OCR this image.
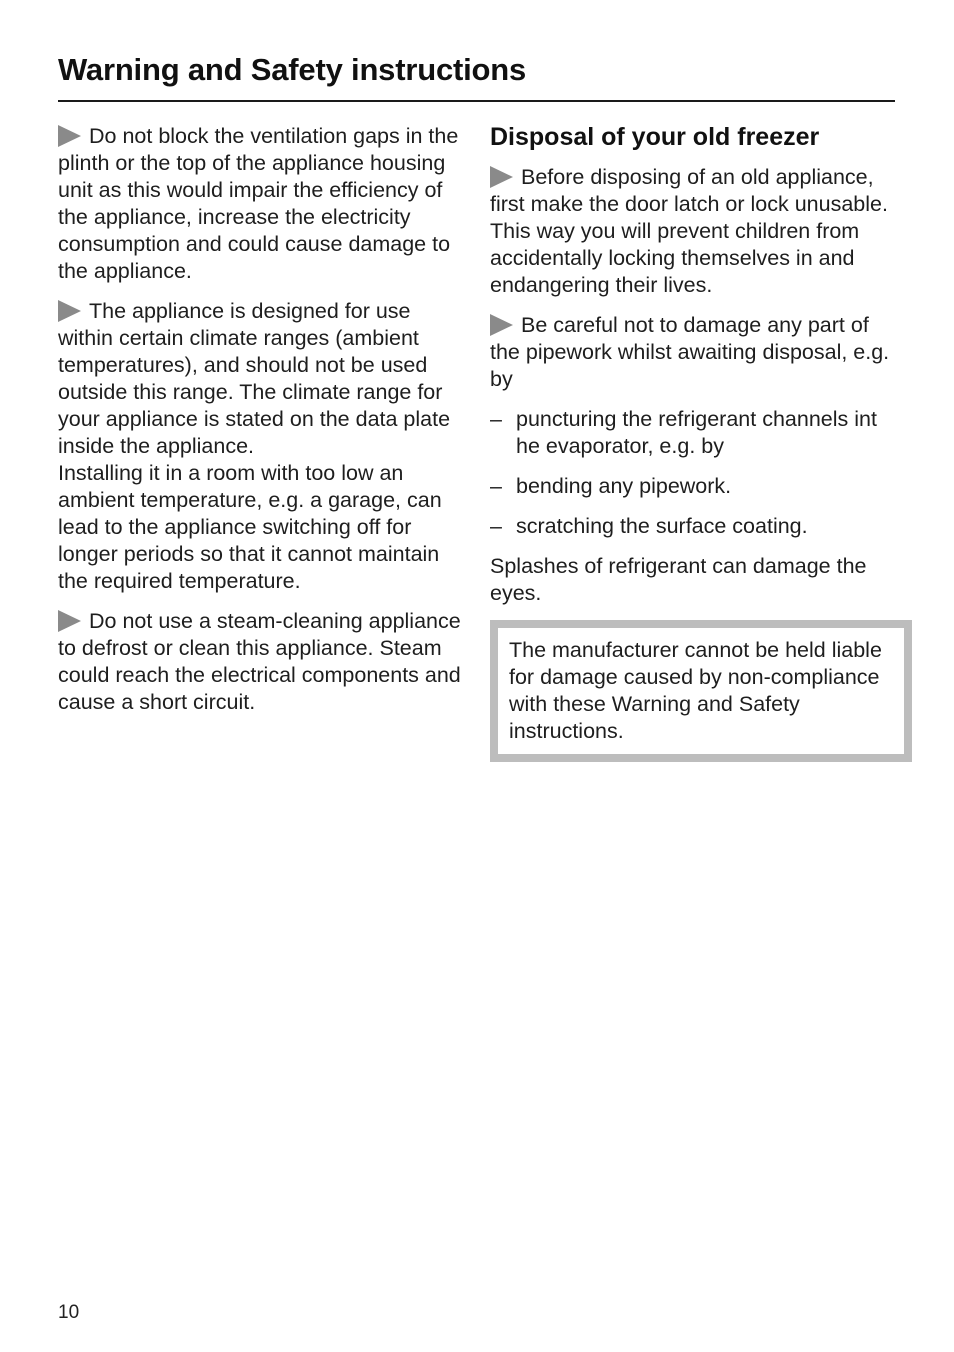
Warning and Safety instructions

Do not block the ventilation gaps in the plinth or the top of the appliance housing unit as this would impair the efficiency of the appliance, increase the electricity consumption and could cause damage to the appliance.

The appliance is designed for use within certain climate ranges (ambient temperatures), and should not be used outside this range. The climate range for your appliance is stated on the data plate inside the appliance.

Installing it in a room with too low an ambient temperature, e.g. a garage, can lead to the appliance switching off for longer periods so that it cannot maintain the required temperature.

Do not use a steam-cleaning appliance to defrost or clean this appliance. Steam could reach the electrical components and cause a short circuit.

Disposal of your old freezer

Before disposing of an old appliance, first make the door latch or lock unusable.

This way you will prevent children from accidentally locking themselves in and endangering their lives.

Be careful not to damage any part of the pipework whilst awaiting disposal, e.g. by

– puncturing the refrigerant channels int he evaporator, e.g. by
– bending any pipework.
– scratching the surface coating.

Splashes of refrigerant can damage the eyes.

The manufacturer cannot be held liable for damage caused by non-compliance with these Warning and Safety instructions.
10
